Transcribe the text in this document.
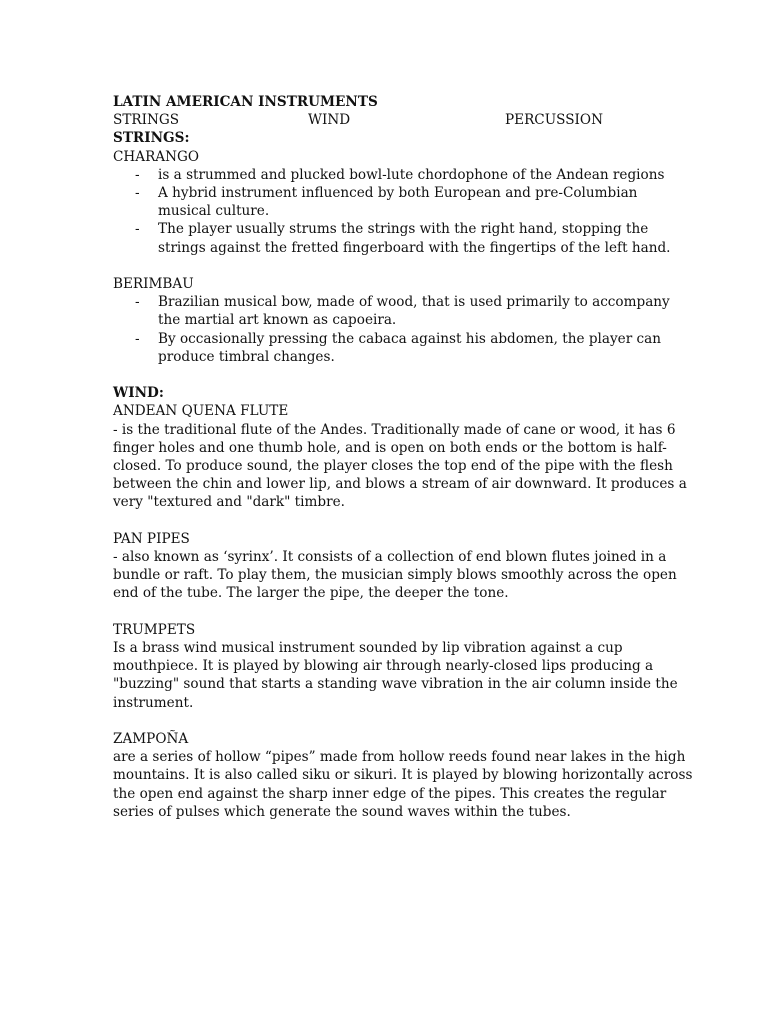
LATIN AMERICAN INSTRUMENTS
STRINGS	WIND	PERCUSSION
STRINGS:
CHARANGO
- is a strummed and plucked bowl-lute chordophone of the Andean regions
- A hybrid instrument influenced by both European and pre-Columbian musical culture.
- The player usually strums the strings with the right hand, stopping the strings against the fretted fingerboard with the fingertips of the left hand.
BERIMBAU
- Brazilian musical bow, made of wood, that is used primarily to accompany the martial art known as capoeira.
- By occasionally pressing the cabaca against his abdomen, the player can produce timbral changes.
WIND:
ANDEAN QUENA FLUTE

- is the traditional flute of the Andes. Traditionally made of cane or wood, it has 6
finger holes and one thumb hole, and is open on both ends or the bottom is half-
closed. To produce sound, the player closes the top end of the pipe with the flesh
between the chin and lower lip, and blows a stream of air downward. It produces a
very "textured and "dark" timbre.

PAN PIPES

- also known as ‘syrinx’. It consists of a collection of end blown flutes joined in a
bundle or raft. To play them, the musician simply blows smoothly across the open
end of the tube. The larger the pipe, the deeper the tone.

TRUMPETS

Is a brass wind musical instrument sounded by lip vibration against a cup
mouthpiece. It is played by blowing air through nearly-closed lips producing a
"buzzing" sound that starts a standing wave vibration in the air column inside the
instrument.

ZAMPOÑA

are a series of hollow “pipes” made from hollow reeds found near lakes in the high
mountains. It is also called siku or sikuri. It is played by blowing horizontally across
the open end against the sharp inner edge of the pipes. This creates the regular
series of pulses which generate the sound waves within the tubes.
